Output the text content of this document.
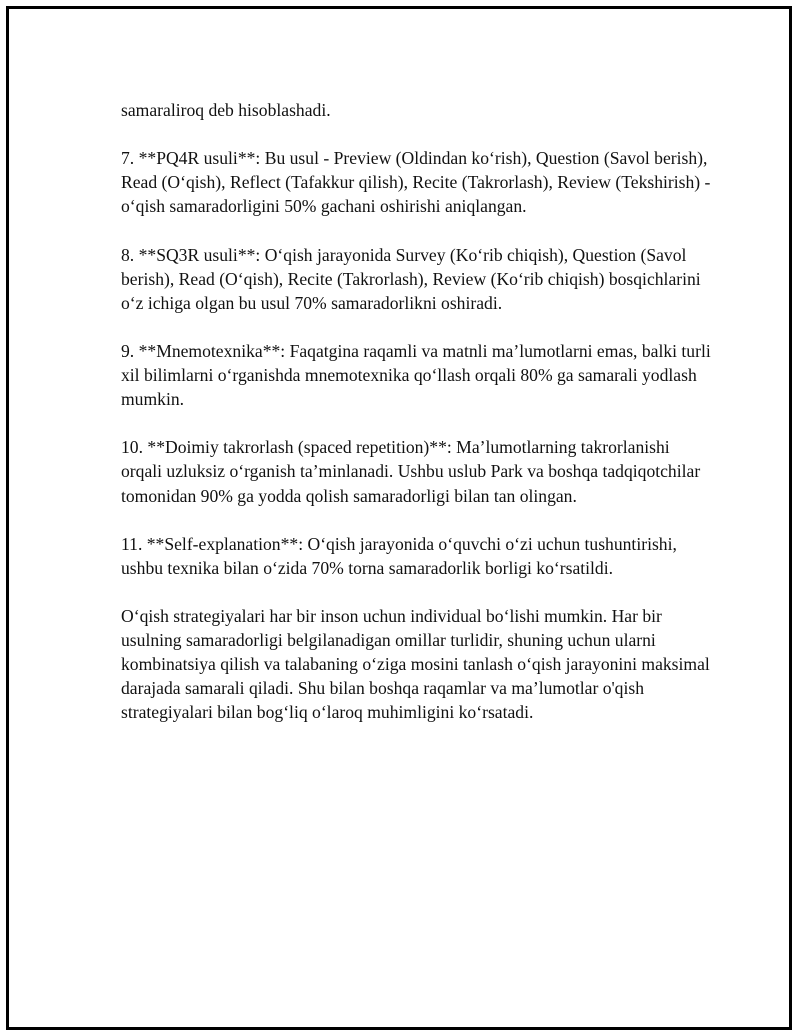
samaraliroq deb hisoblashadi.

7. **PQ4R usuli**: Bu usul - Preview (Oldindan ko‘rish), Question (Savol berish), Read (O‘qish), Reflect (Tafakkur qilish), Recite (Takrorlash), Review (Tekshirish) - o‘qish samaradorligini 50% gachani oshirishi aniqlangan.

8. **SQ3R usuli**: O‘qish jarayonida Survey (Ko‘rib chiqish), Question (Savol berish), Read (O‘qish), Recite (Takrorlash), Review (Ko‘rib chiqish) bosqichlarini o‘z ichiga olgan bu usul 70% samaradorlikni oshiradi.

9. **Mnemotexnika**: Faqatgina raqamli va matnli ma’lumotlarni emas, balki turli xil bilimlarni o‘rganishda mnemotexnika qo‘llash orqali 80% ga samarali yodlash mumkin.

10. **Doimiy takrorlash (spaced repetition)**: Ma’lumotlarning takrorlanishi orqali uzluksiz o‘rganish ta’minlanadi. Ushbu uslub Park va boshqa tadqiqotchilar tomonidan 90% ga yodda qolish samaradorligi bilan tan olingan.

11. **Self-explanation**: O‘qish jarayonida o‘quvchi o‘zi uchun tushuntirishi, ushbu texnika bilan o‘zida 70% torna samaradorlik borligi ko‘rsatildi.

O‘qish strategiyalari har bir inson uchun individual bo‘lishi mumkin. Har bir usulning samaradorligi belgilanadigan omillar turlidir, shuning uchun ularni kombinatsiya qilish va talabaning o‘ziga mosini tanlash o‘qish jarayonini maksimal darajada samarali qiladi. Shu bilan boshqa raqamlar va ma’lumotlar o'qish strategiyalari bilan bog‘liq o‘laroq muhimligini ko‘rsatadi.
